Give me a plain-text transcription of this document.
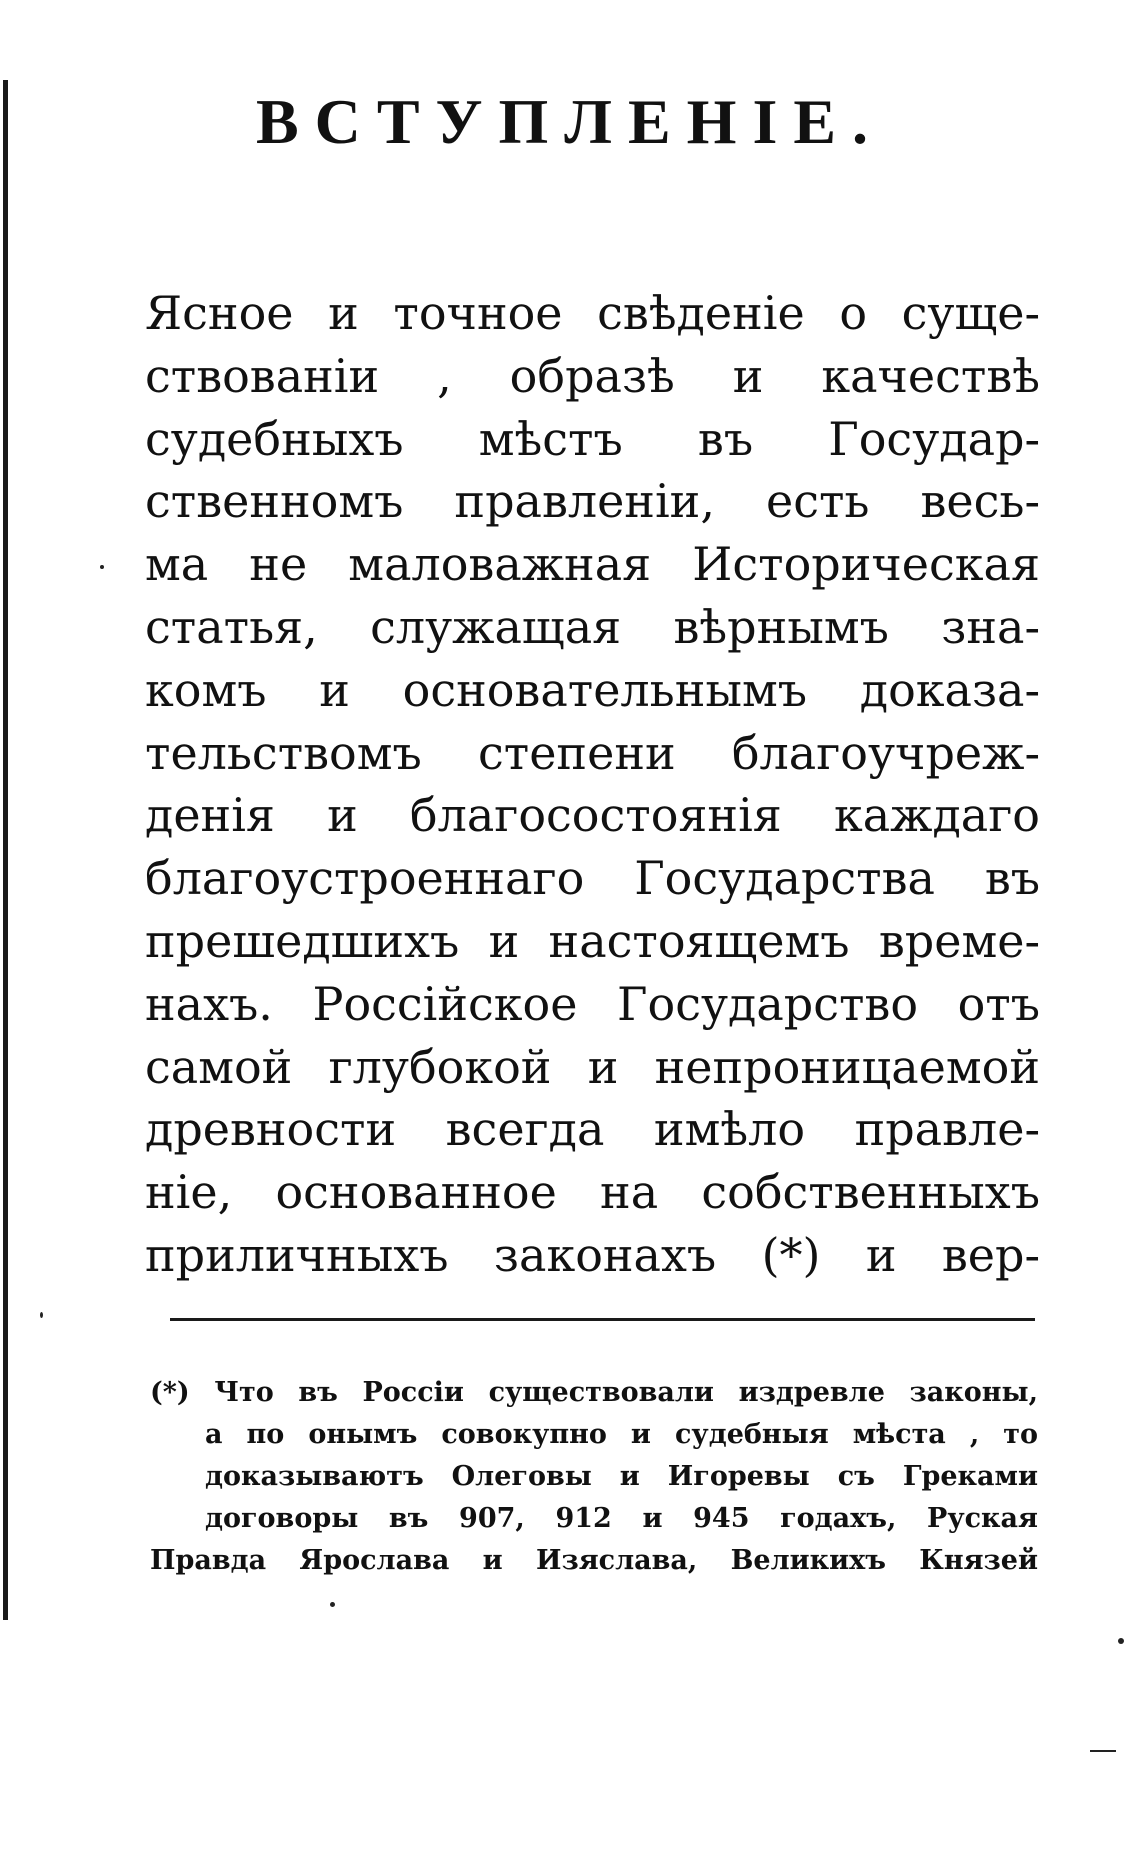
ВСТУПЛЕНIЕ.
Ясное и точное свѣденiе о суще-
ствованiи , образѣ и качествѣ
судебныхъ мѣстъ въ Государ-
ственномъ правленiи, есть весь-
ма не маловажная Историческая
статья, служащая вѣрнымъ зна-
комъ и основательнымъ доказа-
тельствомъ степени благоучреж-
денiя и благосостоянiя каждаго
благоустроеннаго Государства въ
прешедшихъ и настоящемъ време-
нахъ. Россiйское Государство отъ
самой глубокой и непроницаемой
древности всегда имѣло правле-
нiе, основанное на собственныхъ
приличныхъ законахъ (*) и вер-
(*) Что въ Россiи существовали издревле законы,
а по онымъ совокупно и судебныя мѣста , то
доказываютъ Олеговы и Игоревы съ Греками
договоры въ 907, 912 и 945 годахъ, Руская
Правда Ярослава и Изяслава, Великихъ Князей
